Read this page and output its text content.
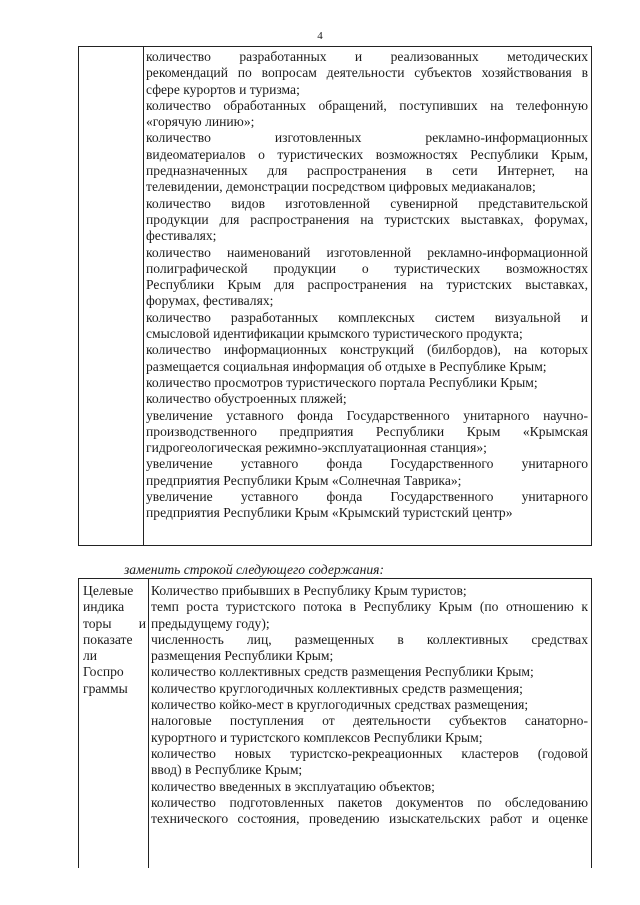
4
количество разработанных и реализованных методических
рекомендаций по вопросам деятельности субъектов хозяйствования в
сфере курортов и туризма;
количество обработанных обращений, поступивших на телефонную
«горячую линию»;
количество изготовленных рекламно-информационных
видеоматериалов о туристических возможностях Республики Крым,
предназначенных для распространения в сети Интернет, на
телевидении, демонстрации посредством цифровых медиаканалов;
количество видов изготовленной сувенирной представительской
продукции для распространения на туристских выставках, форумах,
фестивалях;
количество наименований изготовленной рекламно-информационной
полиграфической продукции о туристических возможностях
Республики Крым для распространения на туристских выставках,
форумах, фестивалях;
количество разработанных комплексных систем визуальной и
смысловой идентификации крымского туристического продукта;
количество информационных конструкций (билбордов), на которых
размещается социальная информация об отдыхе в Республике Крым;
количество просмотров туристического портала Республики Крым;
количество обустроенных пляжей;
увеличение уставного фонда Государственного унитарного научно-
производственного предприятия Республики Крым «Крымская
гидрогеологическая режимно-эксплуатационная станция»;
увеличение уставного фонда Государственного унитарного
предприятия Республики Крым «Солнечная Таврика»;
увеличение уставного фонда Государственного унитарного
предприятия Республики Крым «Крымский туристский центр»
заменить строкой следующего содержания:
Целевые
индика
торы и
показате
ли
Госпро
граммы
Количество прибывших в Республику Крым туристов;
темп роста туристского потока в Республику Крым (по отношению к
предыдущему году);
численность лиц, размещенных в коллективных средствах
размещения Республики Крым;
количество коллективных средств размещения Республики Крым;
количество круглогодичных коллективных средств размещения;
количество койко-мест в круглогодичных средствах размещения;
налоговые поступления от деятельности субъектов санаторно-
курортного и туристского комплексов Республики Крым;
количество новых туристско-рекреационных кластеров (годовой
ввод) в Республике Крым;
количество введенных в эксплуатацию объектов;
количество подготовленных пакетов документов по обследованию
технического состояния, проведению изыскательских работ и оценке
